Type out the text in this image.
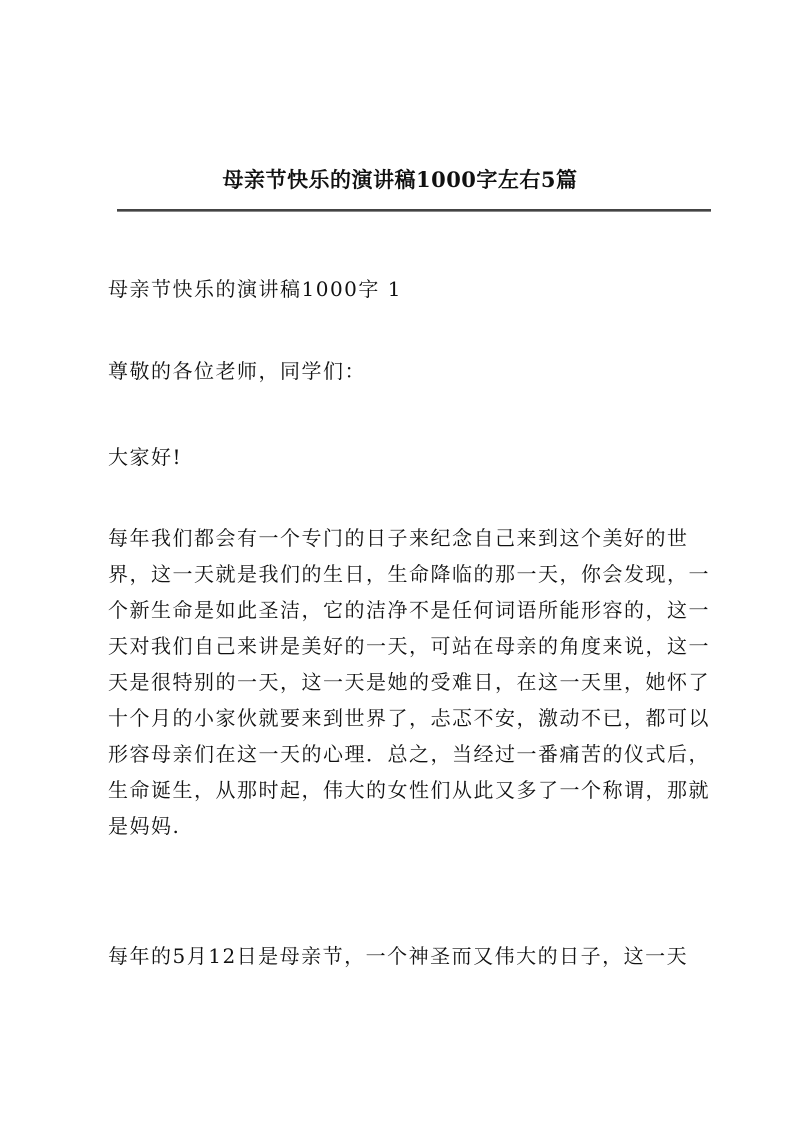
母亲节快乐的演讲稿1000字左右5篇
母亲节快乐的演讲稿1000字 1
尊敬的各位老师，同学们：
大家好!
每年我们都会有一个专门的日子来纪念自己来到这个美好的世
界，这一天就是我们的生日，生命降临的那一天，你会发现，一
个新生命是如此圣洁，它的洁净不是任何词语所能形容的，这一
天对我们自己来讲是美好的一天，可站在母亲的角度来说，这一
天是很特别的一天，这一天是她的受难日，在这一天里，她怀了
十个月的小家伙就要来到世界了，忐忑不安，激动不已，都可以
形容母亲们在这一天的心理．总之，当经过一番痛苦的仪式后，
生命诞生，从那时起，伟大的女性们从此又多了一个称谓，那就
是妈妈.
每年的5月12日是母亲节，一个神圣而又伟大的日子，这一天
